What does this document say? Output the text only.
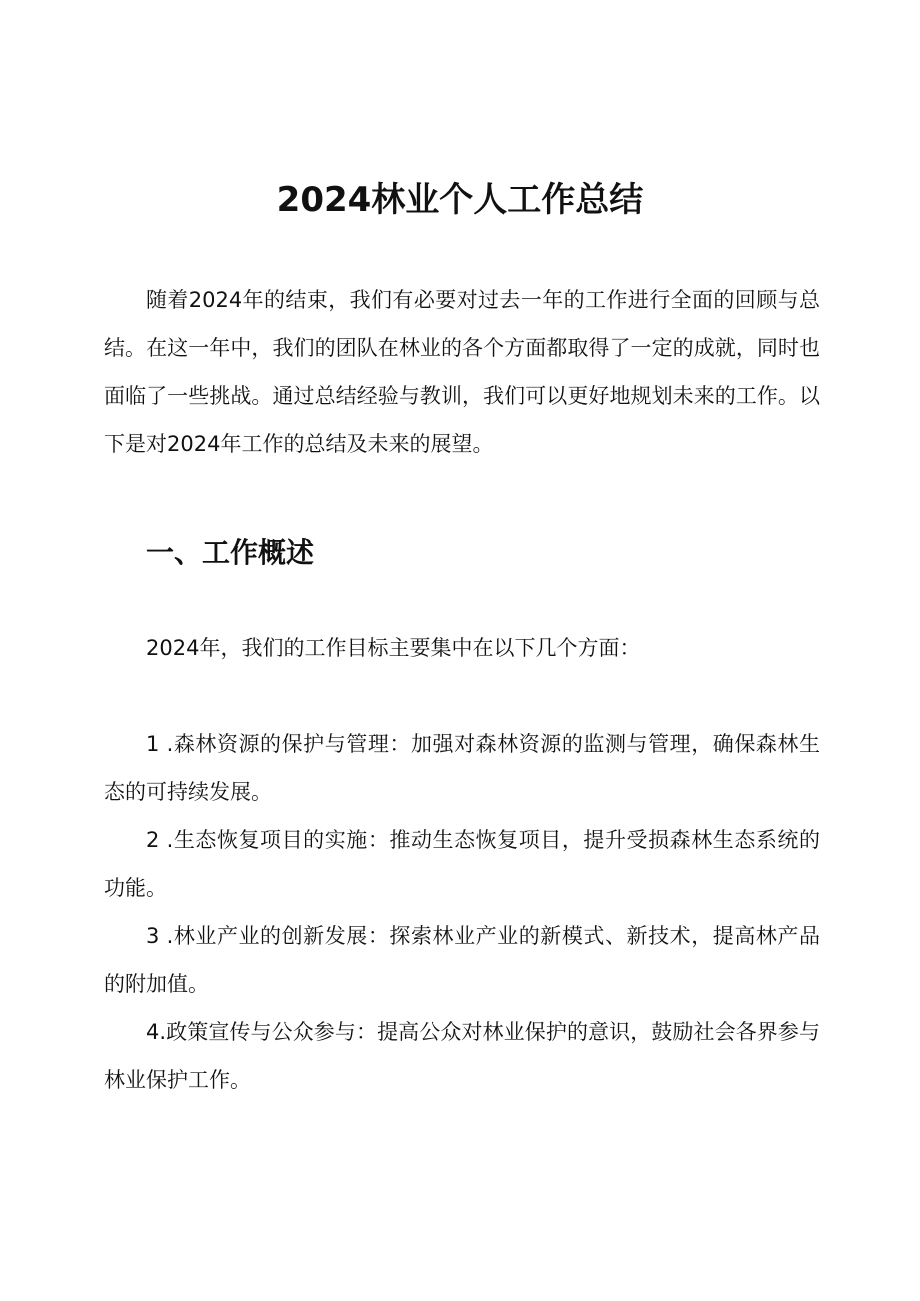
2024林业个人工作总结

随着2024年的结束，我们有必要对过去一年的工作进行全面的回顾与总结。在这一年中，我们的团队在林业的各个方面都取得了一定的成就，同时也面临了一些挑战。通过总结经验与教训，我们可以更好地规划未来的工作。以下是对2024年工作的总结及未来的展望。

一、工作概述

2024年，我们的工作目标主要集中在以下几个方面：

1 .森林资源的保护与管理：加强对森林资源的监测与管理，确保森林生态的可持续发展。

2 .生态恢复项目的实施：推动生态恢复项目，提升受损森林生态系统的功能。

3 .林业产业的创新发展：探索林业产业的新模式、新技术，提高林产品的附加值。

4.政策宣传与公众参与：提高公众对林业保护的意识，鼓励社会各界参与林业保护工作。
